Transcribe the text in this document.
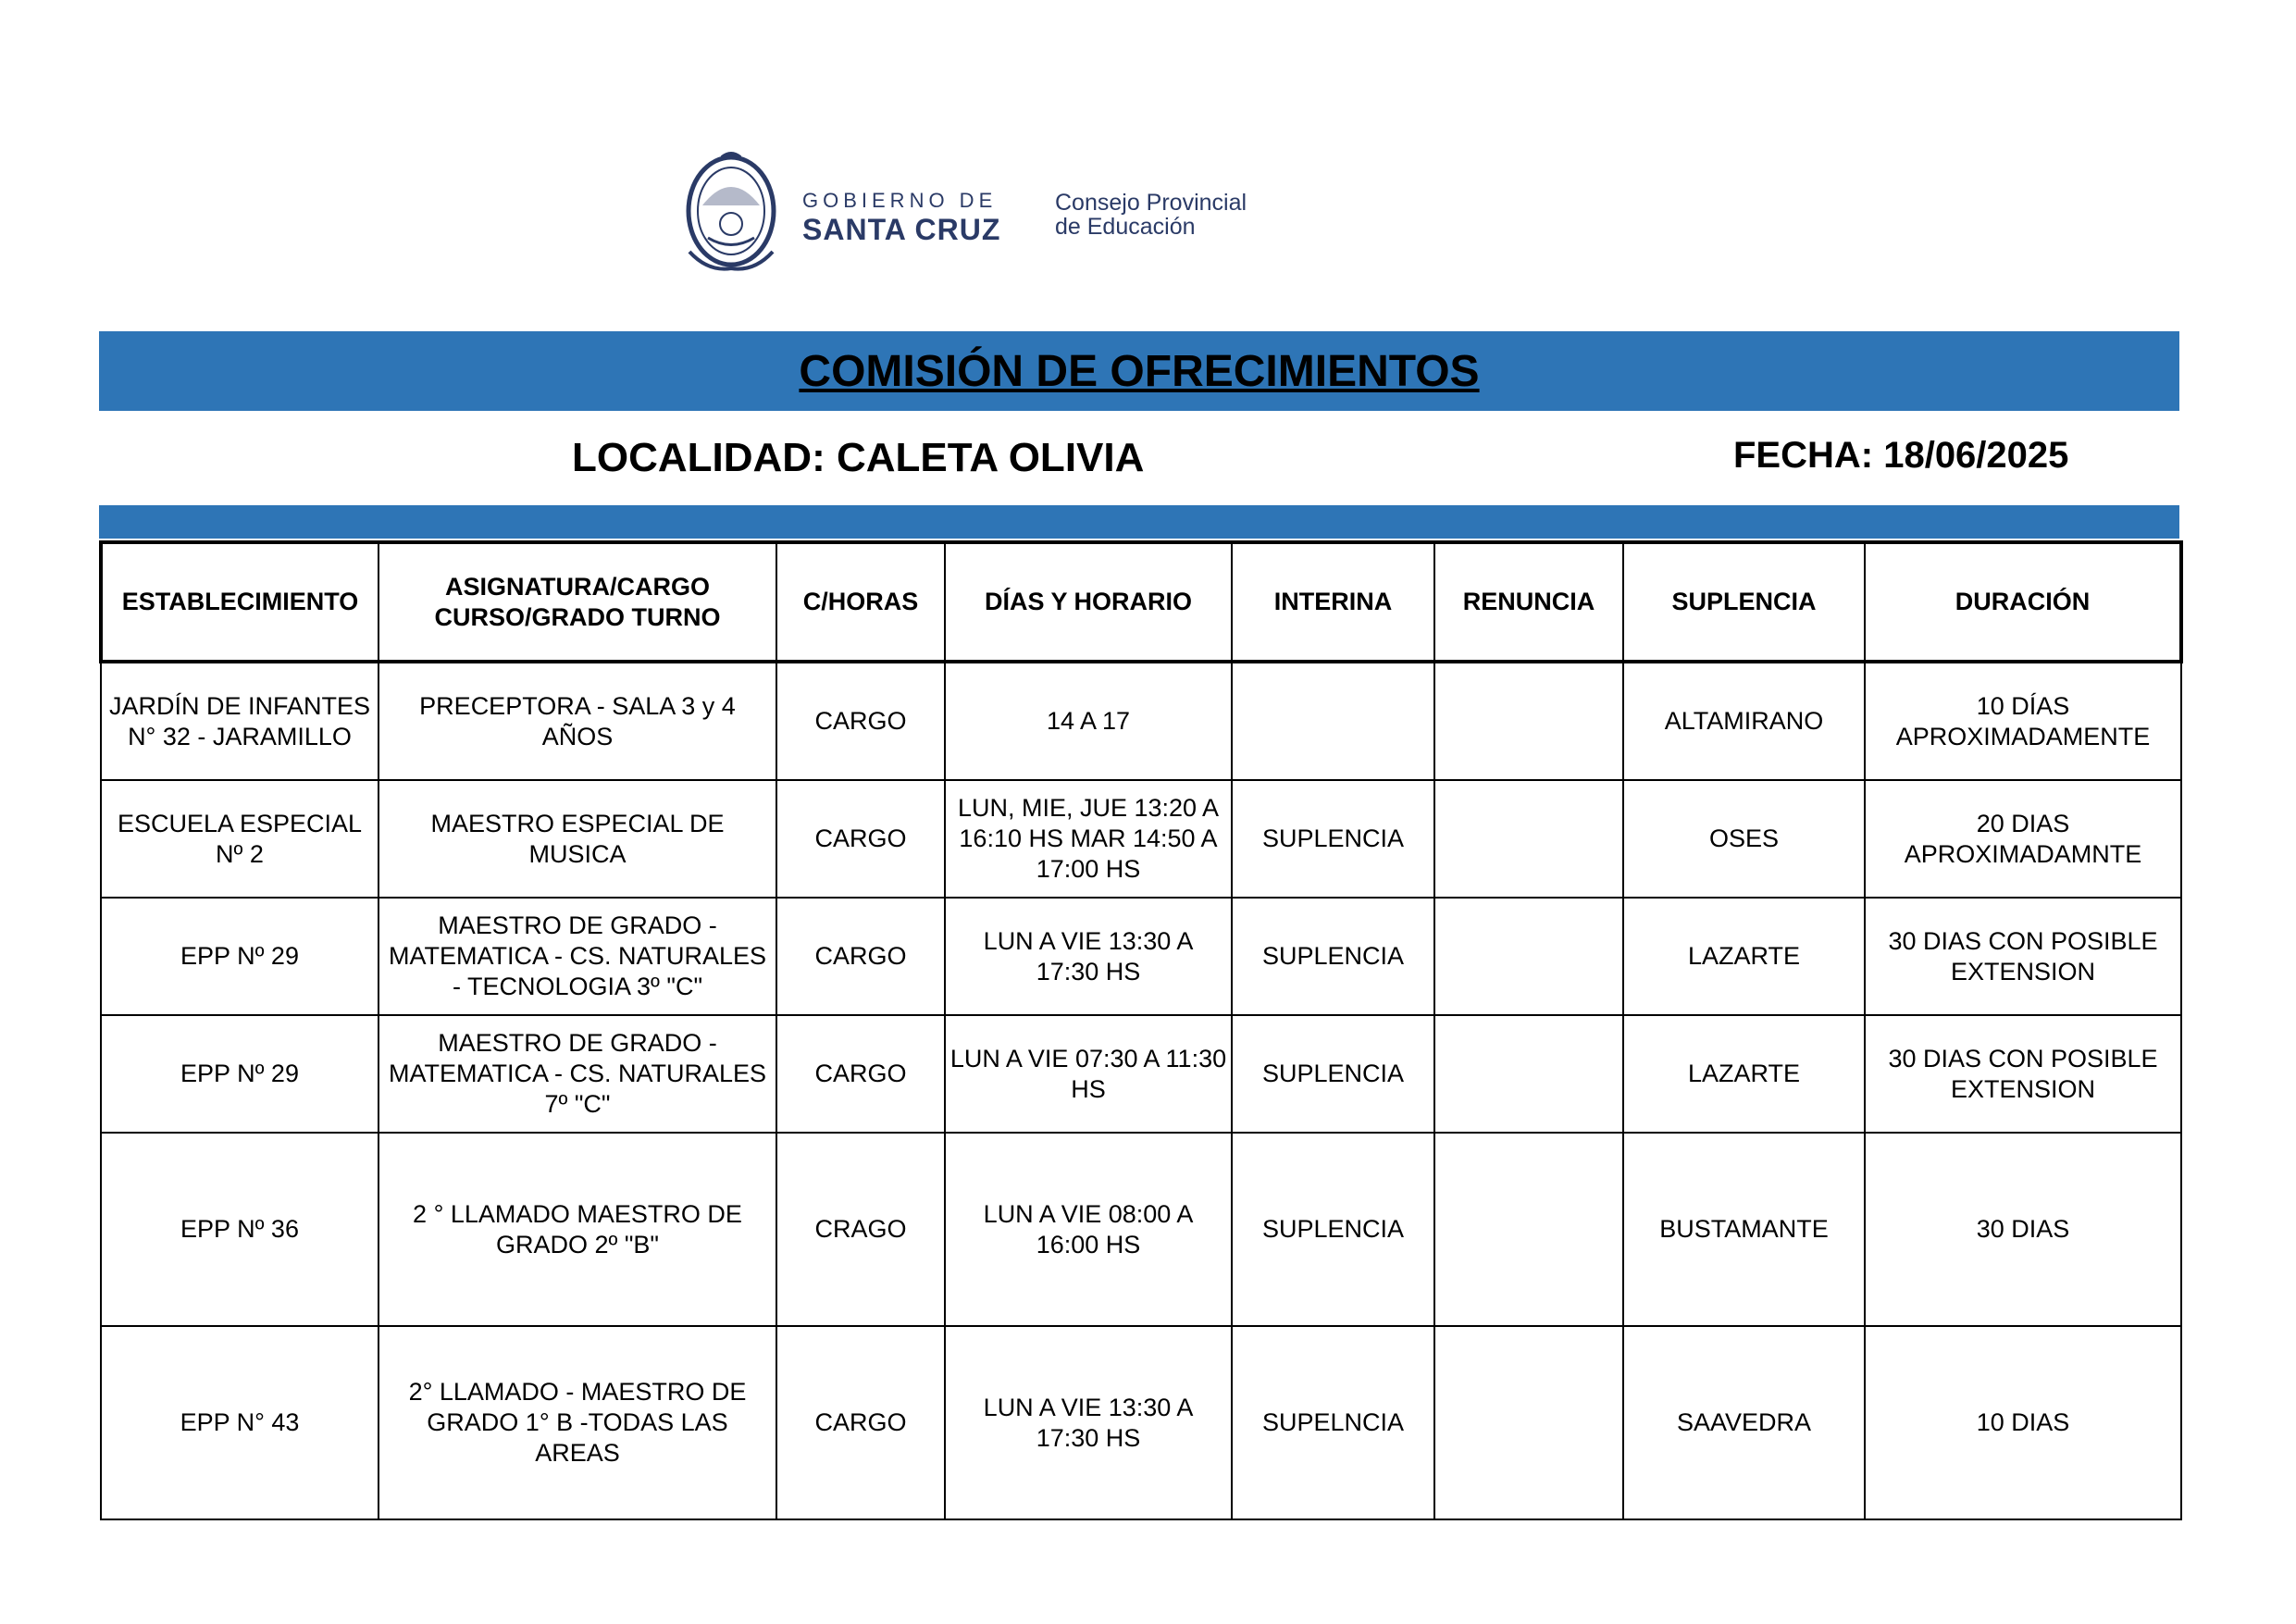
GOBIERNO DE
SANTA CRUZ
Consejo Provincial
de Educación
COMISIÓN DE OFRECIMIENTOS
LOCALIDAD: CALETA OLIVIA	FECHA: 18/06/2025
ESTABLECIMIENTO	ASIGNATURA/CARGO CURSO/GRADO TURNO	C/HORAS	DÍAS Y HORARIO	INTERINA	RENUNCIA	SUPLENCIA	DURACIÓN
JARDÍN DE INFANTES N° 32 - JARAMILLO	PRECEPTORA - SALA 3 y 4 AÑOS	CARGO	14 A 17			ALTAMIRANO	10 DÍAS APROXIMADAMENTE
ESCUELA ESPECIAL Nº 2	MAESTRO ESPECIAL DE MUSICA	CARGO	LUN, MIE, JUE 13:20 A 16:10 HS MAR 14:50 A 17:00 HS	SUPLENCIA		OSES	20 DIAS APROXIMADAMNTE
EPP Nº 29	MAESTRO DE GRADO - MATEMATICA - CS. NATURALES - TECNOLOGIA 3º "C"	CARGO	LUN A VIE 13:30 A 17:30 HS	SUPLENCIA		LAZARTE	30 DIAS CON POSIBLE EXTENSION
EPP Nº 29	MAESTRO DE GRADO - MATEMATICA - CS. NATURALES 7º "C"	CARGO	LUN A VIE 07:30 A 11:30 HS	SUPLENCIA		LAZARTE	30 DIAS CON POSIBLE EXTENSION
EPP Nº 36	2 ° LLAMADO MAESTRO DE GRADO 2º "B"	CRAGO	LUN A VIE 08:00 A 16:00 HS	SUPLENCIA		BUSTAMANTE	30 DIAS
EPP N° 43	2° LLAMADO - MAESTRO DE GRADO 1° B -TODAS LAS AREAS	CARGO	LUN A VIE 13:30 A 17:30 HS	SUPELNCIA		SAAVEDRA	10 DIAS
